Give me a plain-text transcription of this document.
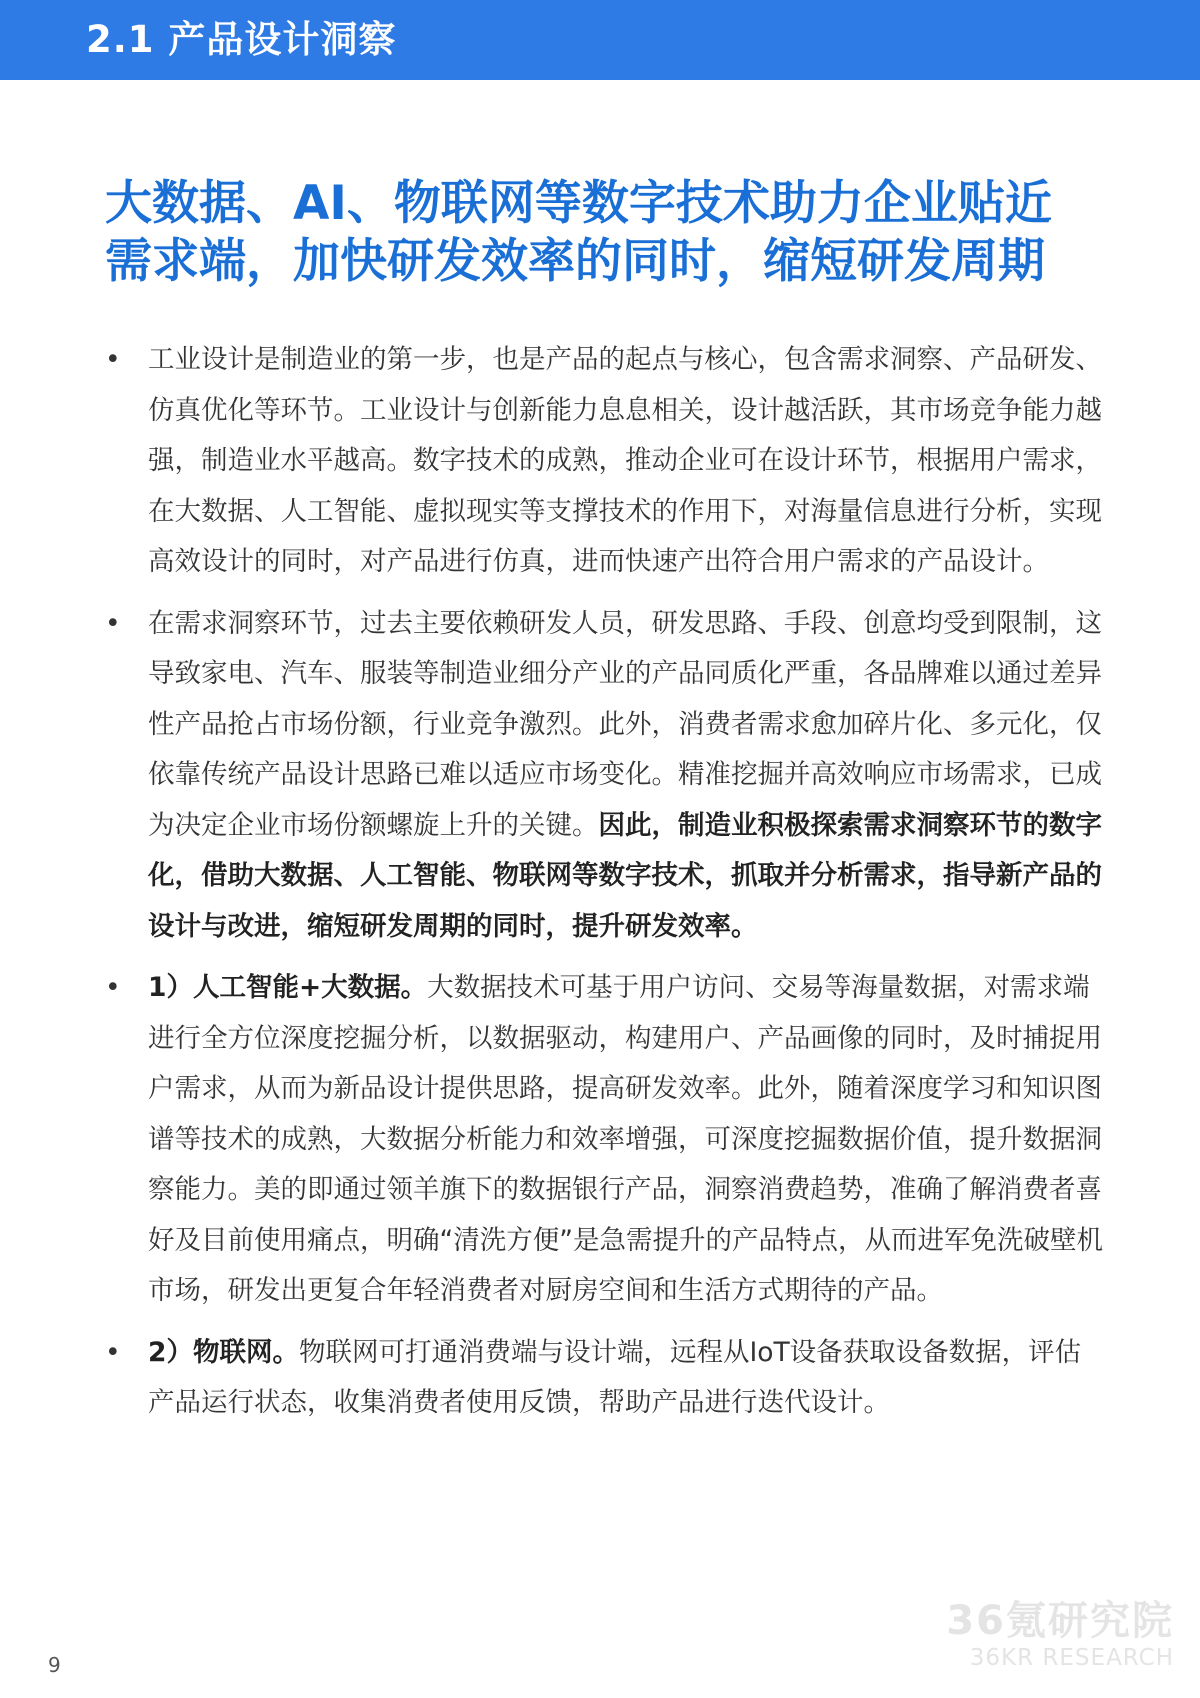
2.1 产品设计洞察
大数据、AI、物联网等数字技术助力企业贴近
需求端，加快研发效率的同时，缩短研发周期
• 工业设计是制造业的第一步，也是产品的起点与核心，包含需求洞察、产品研发、仿真优化等环节。工业设计与创新能力息息相关，设计越活跃，其市场竞争能力越强，制造业水平越高。数字技术的成熟，推动企业可在设计环节，根据用户需求，在大数据、人工智能、虚拟现实等支撑技术的作用下，对海量信息进行分析，实现高效设计的同时，对产品进行仿真，进而快速产出符合用户需求的产品设计。

• 在需求洞察环节，过去主要依赖研发人员，研发思路、手段、创意均受到限制，这导致家电、汽车、服装等制造业细分产业的产品同质化严重，各品牌难以通过差异性产品抢占市场份额，行业竞争激烈。此外，消费者需求愈加碎片化、多元化，仅依靠传统产品设计思路已难以适应市场变化。精准挖掘并高效响应市场需求，已成为决定企业市场份额螺旋上升的关键。因此，制造业积极探索需求洞察环节的数字化，借助大数据、人工智能、物联网等数字技术，抓取并分析需求，指导新产品的设计与改进，缩短研发周期的同时，提升研发效率。

• 1）人工智能+大数据。大数据技术可基于用户访问、交易等海量数据，对需求端进行全方位深度挖掘分析，以数据驱动，构建用户、产品画像的同时，及时捕捉用户需求，从而为新品设计提供思路，提高研发效率。此外，随着深度学习和知识图谱等技术的成熟，大数据分析能力和效率增强，可深度挖掘数据价值，提升数据洞察能力。美的即通过领羊旗下的数据银行产品，洞察消费趋势，准确了解消费者喜好及目前使用痛点，明确“清洗方便”是急需提升的产品特点，从而进军免洗破壁机市场，研发出更复合年轻消费者对厨房空间和生活方式期待的产品。

• 2）物联网。物联网可打通消费端与设计端，远程从IoT设备获取设备数据，评估产品运行状态，收集消费者使用反馈，帮助产品进行迭代设计。

9
36氪研究院
36KR RESEARCH
